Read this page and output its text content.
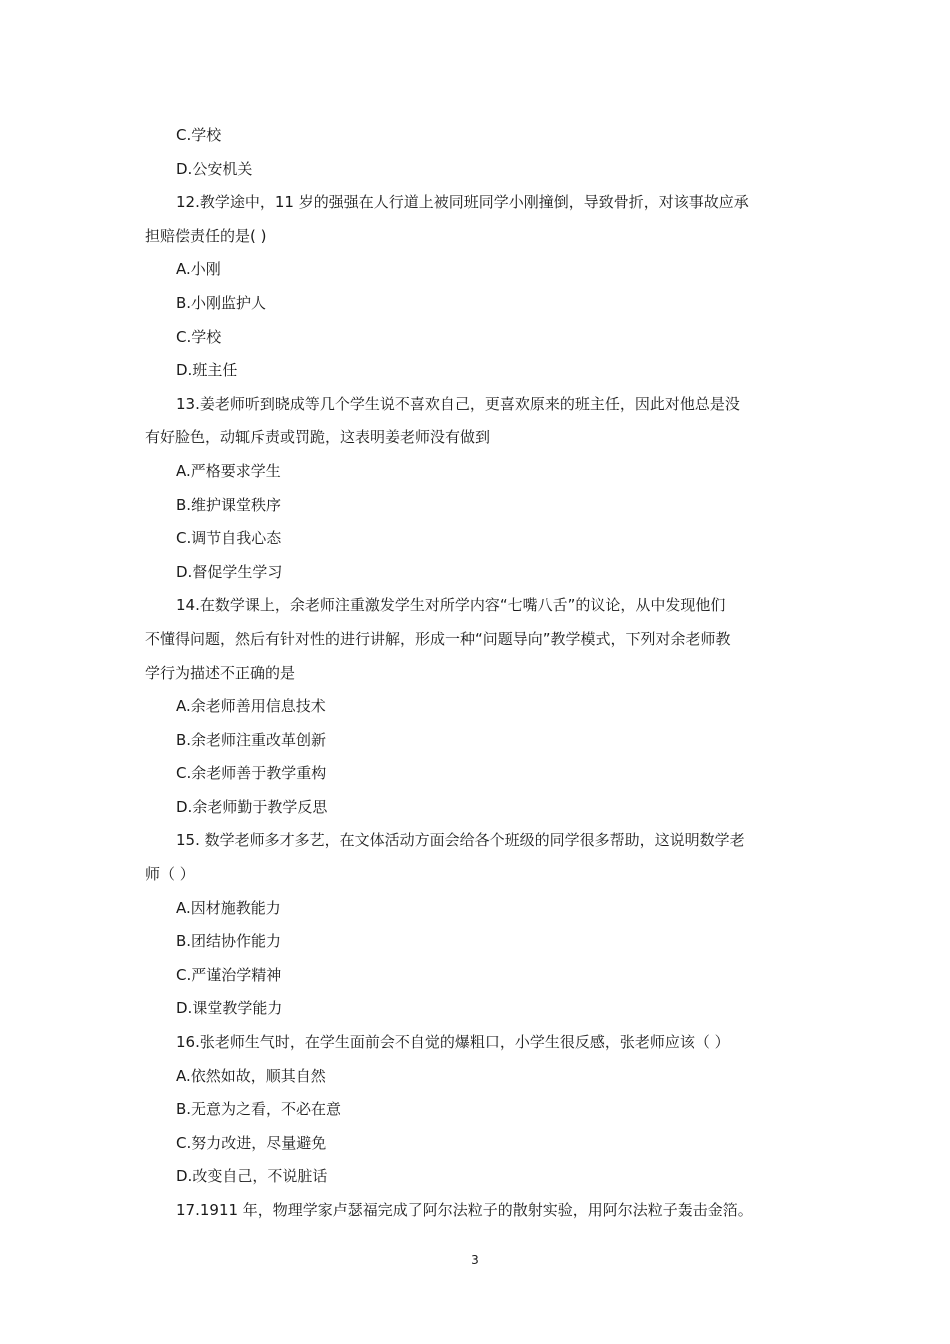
C.学校
D.公安机关
12.教学途中，11 岁的强强在人行道上被同班同学小刚撞倒，导致骨折，对该事故应承
担赔偿责任的是( )
A.小刚
B.小刚监护人
C.学校
D.班主任
13.姜老师听到晓成等几个学生说不喜欢自己，更喜欢原来的班主任，因此对他总是没
有好脸色，动辄斥责或罚跪，这表明姜老师没有做到
A.严格要求学生
B.维护课堂秩序
C.调节自我心态
D.督促学生学习
14.在数学课上，余老师注重激发学生对所学内容“七嘴八舌”的议论，从中发现他们
不懂得问题，然后有针对性的进行讲解，形成一种“问题导向”教学模式，下列对余老师教
学行为描述不正确的是
A.余老师善用信息技术
B.余老师注重改革创新
C.余老师善于教学重构
D.余老师勤于教学反思
15. 数学老师多才多艺，在文体活动方面会给各个班级的同学很多帮助，这说明数学老
师（ ）
A.因材施教能力
B.团结协作能力
C.严谨治学精神
D.课堂教学能力
16.张老师生气时，在学生面前会不自觉的爆粗口，小学生很反感，张老师应该（ ）
A.依然如故，顺其自然
B.无意为之看，不必在意
C.努力改进，尽量避免
D.改变自己，不说脏话
17.1911 年，物理学家卢瑟福完成了阿尔法粒子的散射实验，用阿尔法粒子轰击金箔。
3
